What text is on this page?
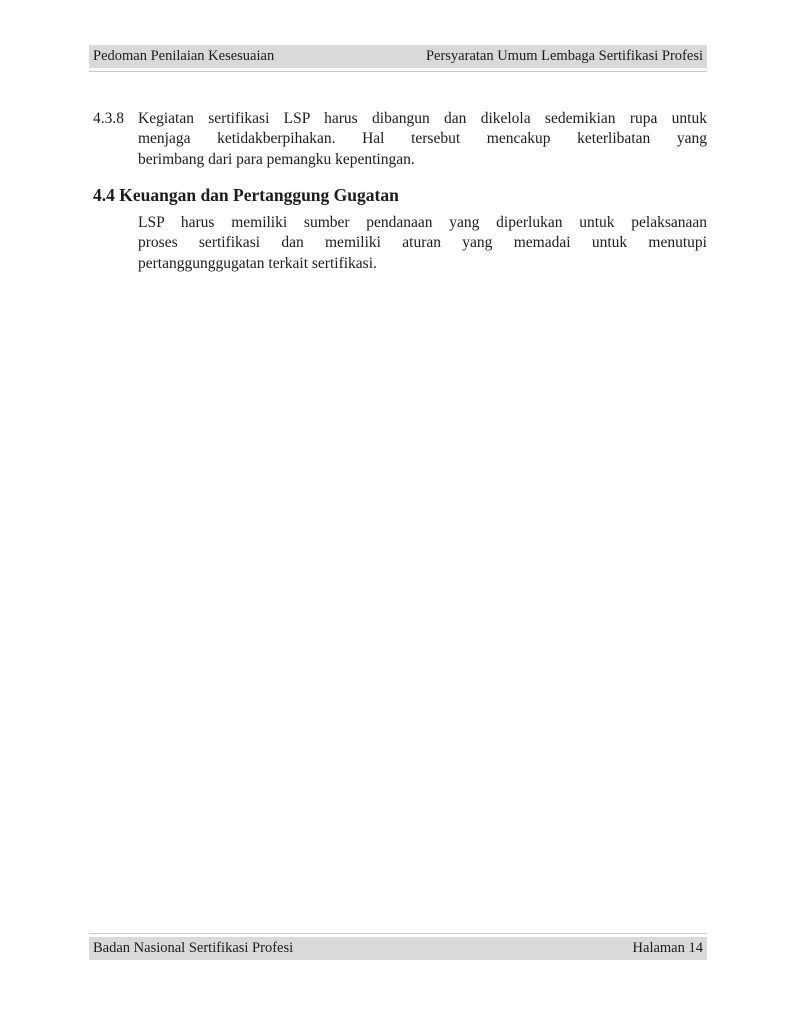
Pedoman Penilaian Kesesuaian	Persyaratan Umum Lembaga Sertifikasi Profesi
4.3.8 Kegiatan sertifikasi LSP harus dibangun dan dikelola sedemikian rupa untuk
menjaga ketidakberpihakan. Hal tersebut mencakup keterlibatan yang
berimbang dari para pemangku kepentingan.
4.4 Keuangan dan Pertanggung Gugatan
LSP harus memiliki sumber pendanaan yang diperlukan untuk pelaksanaan
proses sertifikasi dan memiliki aturan yang memadai untuk menutupi
pertanggunggugatan terkait sertifikasi.
Badan Nasional Sertifikasi Profesi	Halaman 14
